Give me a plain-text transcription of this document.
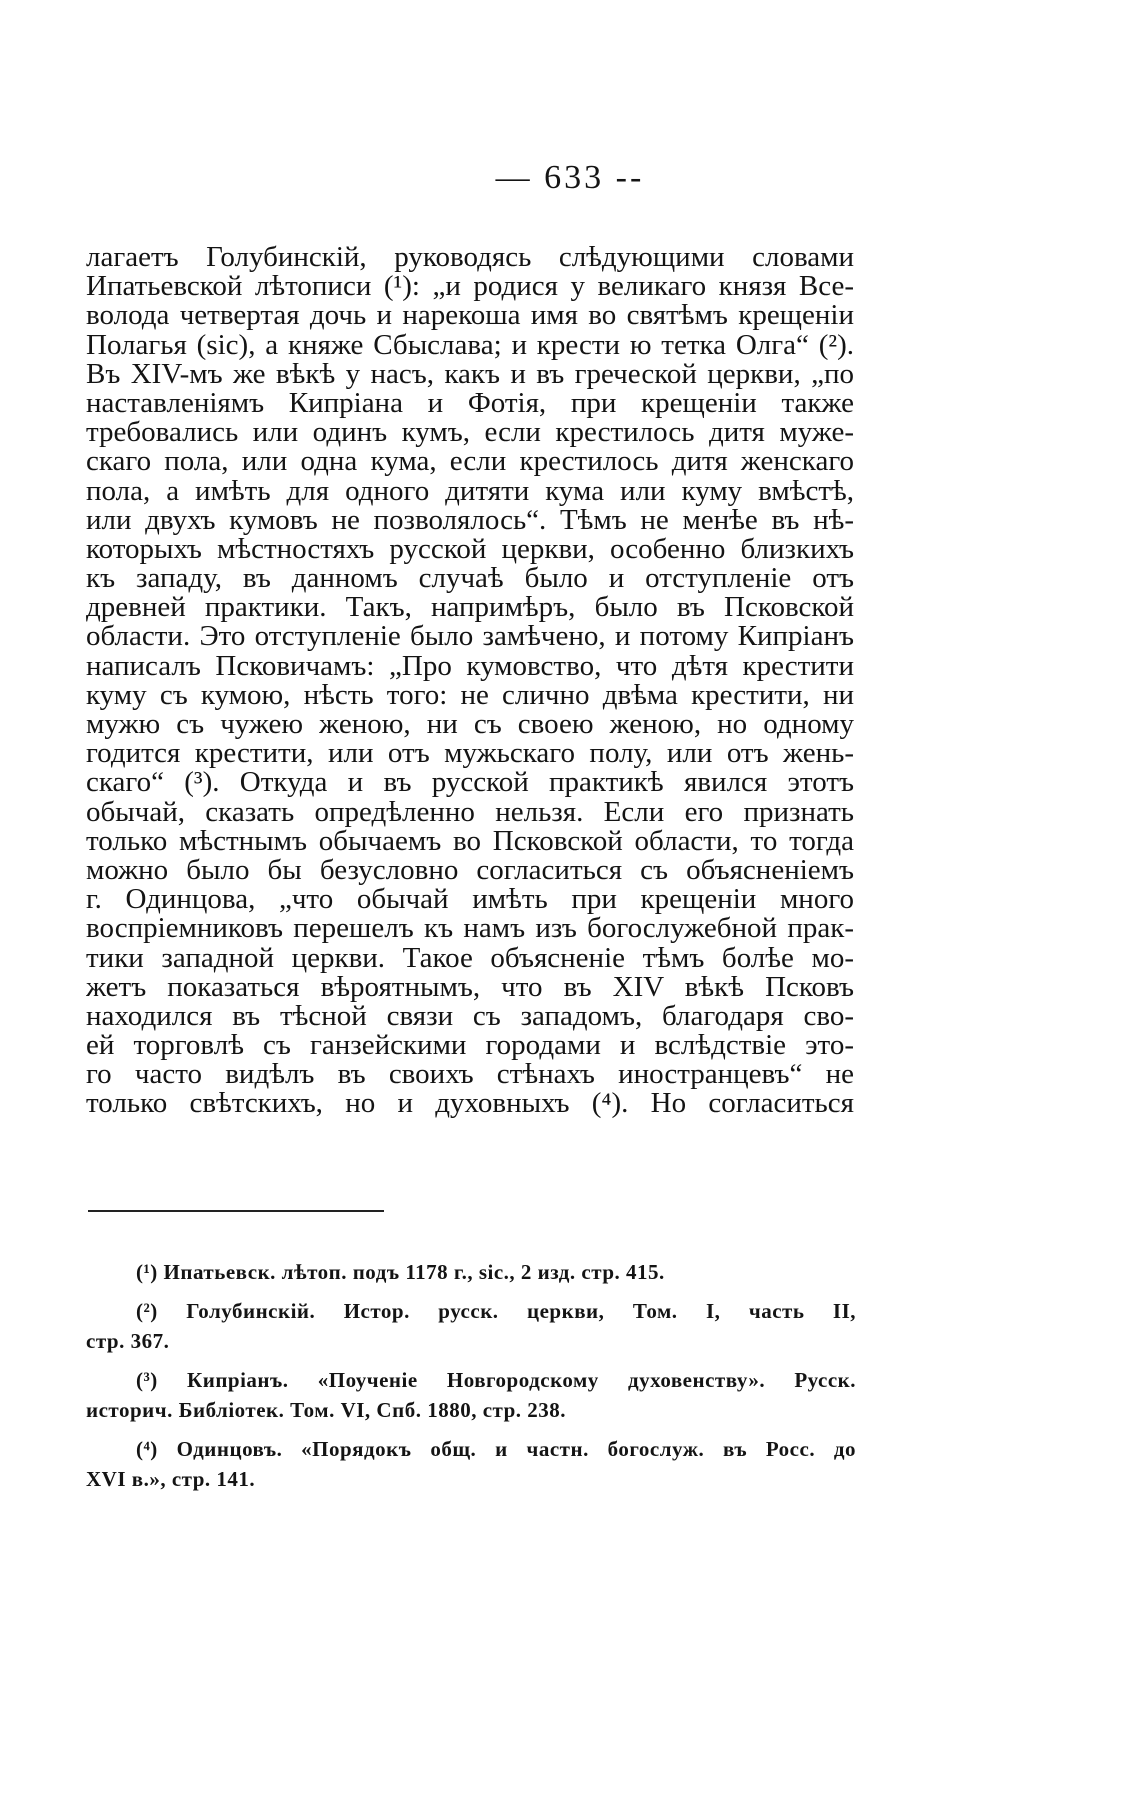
— 633 --
лагаетъ Голубинскій, руководясь слѣдующими словами
Ипатьевской лѣтописи (¹): „и родися у великаго князя Все-
волода четвертая дочь и нарекоша имя во святѣмъ крещеніи
Полагья (sic), а княже Сбыслава; и крести ю тетка Олга“ (²).
Въ XIV-мъ же вѣкѣ у насъ, какъ и въ греческой церкви, „по
наставленіямъ Кипріана и Фотія, при крещеніи также
требовались или одинъ кумъ, если крестилось дитя муже-
скаго пола, или одна кума, если крестилось дитя женскаго
пола, а имѣть для одного дитяти кума или куму вмѣстѣ,
или двухъ кумовъ не позволялось“. Тѣмъ не менѣе въ нѣ-
которыхъ мѣстностяхъ русской церкви, особенно близкихъ
къ западу, въ данномъ случаѣ было и отступленіе отъ
древней практики. Такъ, напримѣръ, было въ Псковской
области. Это отступленіе было замѣчено, и потому Кипріанъ
написалъ Псковичамъ: „Про кумовство, что дѣтя крестити
куму съ кумою, нѣсть того: не слично двѣма крестити, ни
мужю съ чужею женою, ни съ своею женою, но одному
годится крестити, или отъ мужьскаго полу, или отъ жень-
скаго“ (³). Откуда и въ русской практикѣ явился этотъ
обычай, сказать опредѣленно нельзя. Если его признать
только мѣстнымъ обычаемъ во Псковской области, то тогда
можно было бы безусловно согласиться съ объясненіемъ
г. Одинцова, „что обычай имѣть при крещеніи много
воспріемниковъ перешелъ къ намъ изъ богослужебной прак-
тики западной церкви. Такое объясненіе тѣмъ болѣе мо-
жетъ показаться вѣроятнымъ, что въ XIV вѣкѣ Псковъ
находился въ тѣсной связи съ западомъ, благодаря сво-
ей торговлѣ съ ганзейскими городами и вслѣдствіе это-
го часто видѣлъ въ своихъ стѣнахъ иностранцевъ“ не
только свѣтскихъ, но и духовныхъ (⁴). Но согласиться
(¹) Ипатьевск. лѣтоп. подъ 1178 г., sic., 2 изд. стр. 415.
(²) Голубинскій. Истор. русск. церкви, Том. I, часть II,
стр. 367.
(³) Кипріанъ. «Поученіе Новгородскому духовенству». Русск.
историч. Библіотек. Том. VI, Спб. 1880, стр. 238.
(⁴) Одинцовъ. «Порядокъ общ. и частн. богослуж. въ Росс. до
XVI в.», стр. 141.
